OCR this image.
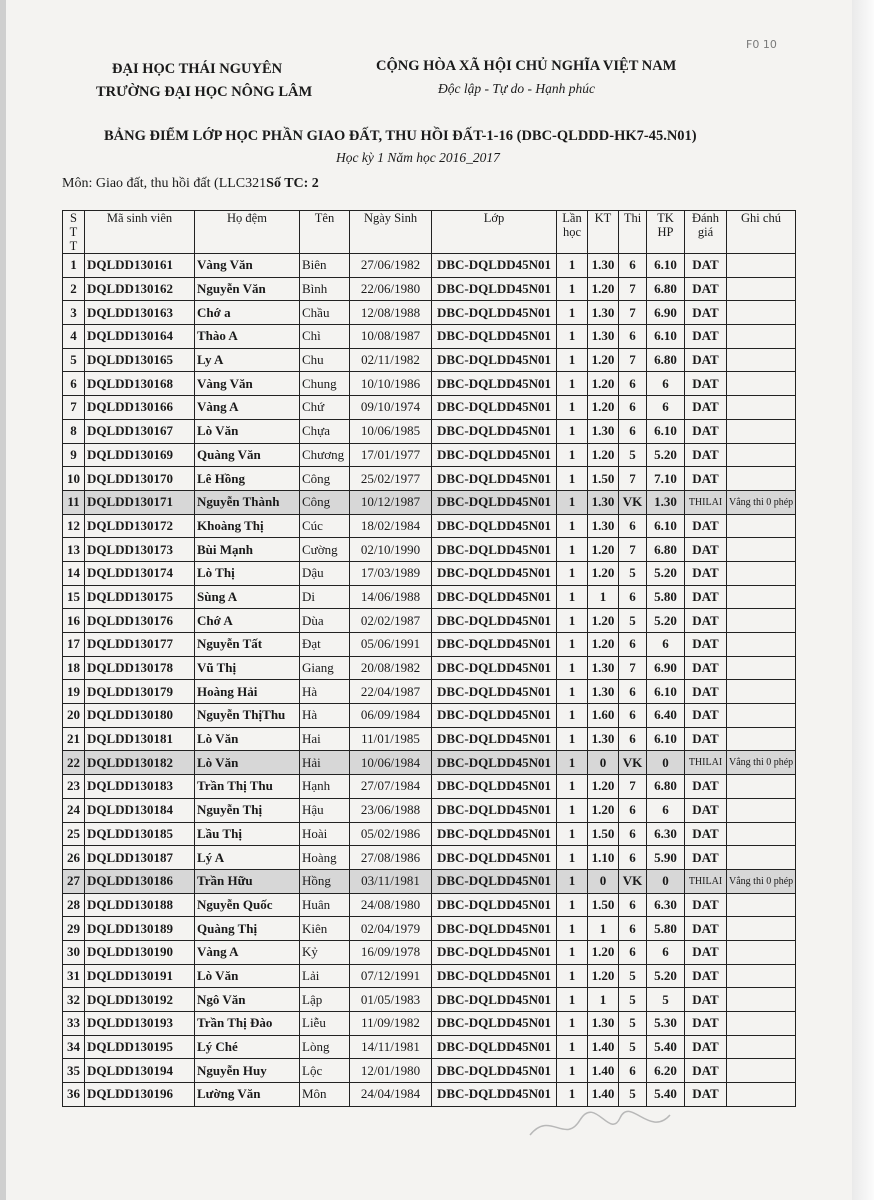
ĐẠI HỌC THÁI NGUYÊN
TRƯỜNG ĐẠI HỌC NÔNG LÂM
CỘNG HÒA XÃ HỘI CHỦ NGHĨA VIỆT NAM
Độc lập - Tự do - Hạnh phúc
F0 10
BẢNG ĐIỂM LỚP HỌC PHẦN GIAO ĐẤT, THU HỒI ĐẤT-1-16 (DBC-QLDDD-HK7-45.N01)
Học kỳ 1 Năm học 2016_2017
Môn: Giao đất, thu hồi đất (LLC321Số TC: 2
S T T	Mã sinh viên	Họ đệm	Tên	Ngày Sinh	Lớp	Lần học	KT	Thi	TK HP	Đánh giá	Ghi chú
1	DQLDD130161	Vàng Văn	Biên	27/06/1982	DBC-DQLDD45N01	1	1.30	6	6.10	DAT	
2	DQLDD130162	Nguyễn Văn	Bình	22/06/1980	DBC-DQLDD45N01	1	1.20	7	6.80	DAT	
3	DQLDD130163	Chớ a	Chầu	12/08/1988	DBC-DQLDD45N01	1	1.30	7	6.90	DAT	
4	DQLDD130164	Thào A	Chì	10/08/1987	DBC-DQLDD45N01	1	1.30	6	6.10	DAT	
5	DQLDD130165	Ly A	Chu	02/11/1982	DBC-DQLDD45N01	1	1.20	7	6.80	DAT	
6	DQLDD130168	Vàng Văn	Chung	10/10/1986	DBC-DQLDD45N01	1	1.20	6	6	DAT	
7	DQLDD130166	Vàng A	Chứ	09/10/1974	DBC-DQLDD45N01	1	1.20	6	6	DAT	
8	DQLDD130167	Lò Văn	Chựa	10/06/1985	DBC-DQLDD45N01	1	1.30	6	6.10	DAT	
9	DQLDD130169	Quàng Văn	Chương	17/01/1977	DBC-DQLDD45N01	1	1.20	5	5.20	DAT	
10	DQLDD130170	Lê Hồng	Công	25/02/1977	DBC-DQLDD45N01	1	1.50	7	7.10	DAT	
11	DQLDD130171	Nguyễn Thành	Công	10/12/1987	DBC-DQLDD45N01	1	1.30	VK	1.30	THILAI	Vắng thi 0 phép
12	DQLDD130172	Khoàng Thị	Cúc	18/02/1984	DBC-DQLDD45N01	1	1.30	6	6.10	DAT	
13	DQLDD130173	Bùi Mạnh	Cường	02/10/1990	DBC-DQLDD45N01	1	1.20	7	6.80	DAT	
14	DQLDD130174	Lò Thị	Dậu	17/03/1989	DBC-DQLDD45N01	1	1.20	5	5.20	DAT	
15	DQLDD130175	Sùng A	Di	14/06/1988	DBC-DQLDD45N01	1	1	6	5.80	DAT	
16	DQLDD130176	Chớ A	Dùa	02/02/1987	DBC-DQLDD45N01	1	1.20	5	5.20	DAT	
17	DQLDD130177	Nguyễn Tất	Đạt	05/06/1991	DBC-DQLDD45N01	1	1.20	6	6	DAT	
18	DQLDD130178	Vũ Thị	Giang	20/08/1982	DBC-DQLDD45N01	1	1.30	7	6.90	DAT	
19	DQLDD130179	Hoàng Hải	Hà	22/04/1987	DBC-DQLDD45N01	1	1.30	6	6.10	DAT	
20	DQLDD130180	Nguyễn ThịThu	Hà	06/09/1984	DBC-DQLDD45N01	1	1.60	6	6.40	DAT	
21	DQLDD130181	Lò Văn	Hai	11/01/1985	DBC-DQLDD45N01	1	1.30	6	6.10	DAT	
22	DQLDD130182	Lò Văn	Hải	10/06/1984	DBC-DQLDD45N01	1	0	VK	0	THILAI	Vắng thi 0 phép
23	DQLDD130183	Trần Thị Thu	Hạnh	27/07/1984	DBC-DQLDD45N01	1	1.20	7	6.80	DAT	
24	DQLDD130184	Nguyễn Thị	Hậu	23/06/1988	DBC-DQLDD45N01	1	1.20	6	6	DAT	
25	DQLDD130185	Lầu Thị	Hoài	05/02/1986	DBC-DQLDD45N01	1	1.50	6	6.30	DAT	
26	DQLDD130187	Lý A	Hoàng	27/08/1986	DBC-DQLDD45N01	1	1.10	6	5.90	DAT	
27	DQLDD130186	Trần Hữu	Hồng	03/11/1981	DBC-DQLDD45N01	1	0	VK	0	THILAI	Vắng thi 0 phép
28	DQLDD130188	Nguyễn Quốc	Huân	24/08/1980	DBC-DQLDD45N01	1	1.50	6	6.30	DAT	
29	DQLDD130189	Quàng Thị	Kiên	02/04/1979	DBC-DQLDD45N01	1	1	6	5.80	DAT	
30	DQLDD130190	Vàng A	Kỷ	16/09/1978	DBC-DQLDD45N01	1	1.20	6	6	DAT	
31	DQLDD130191	Lò Văn	Lải	07/12/1991	DBC-DQLDD45N01	1	1.20	5	5.20	DAT	
32	DQLDD130192	Ngô Văn	Lập	01/05/1983	DBC-DQLDD45N01	1	1	5	5	DAT	
33	DQLDD130193	Trần Thị Đào	Liễu	11/09/1982	DBC-DQLDD45N01	1	1.30	5	5.30	DAT	
34	DQLDD130195	Lý Ché	Lòng	14/11/1981	DBC-DQLDD45N01	1	1.40	5	5.40	DAT	
35	DQLDD130194	Nguyễn Huy	Lộc	12/01/1980	DBC-DQLDD45N01	1	1.40	6	6.20	DAT	
36	DQLDD130196	Lường Văn	Môn	24/04/1984	DBC-DQLDD45N01	1	1.40	5	5.40	DAT	
